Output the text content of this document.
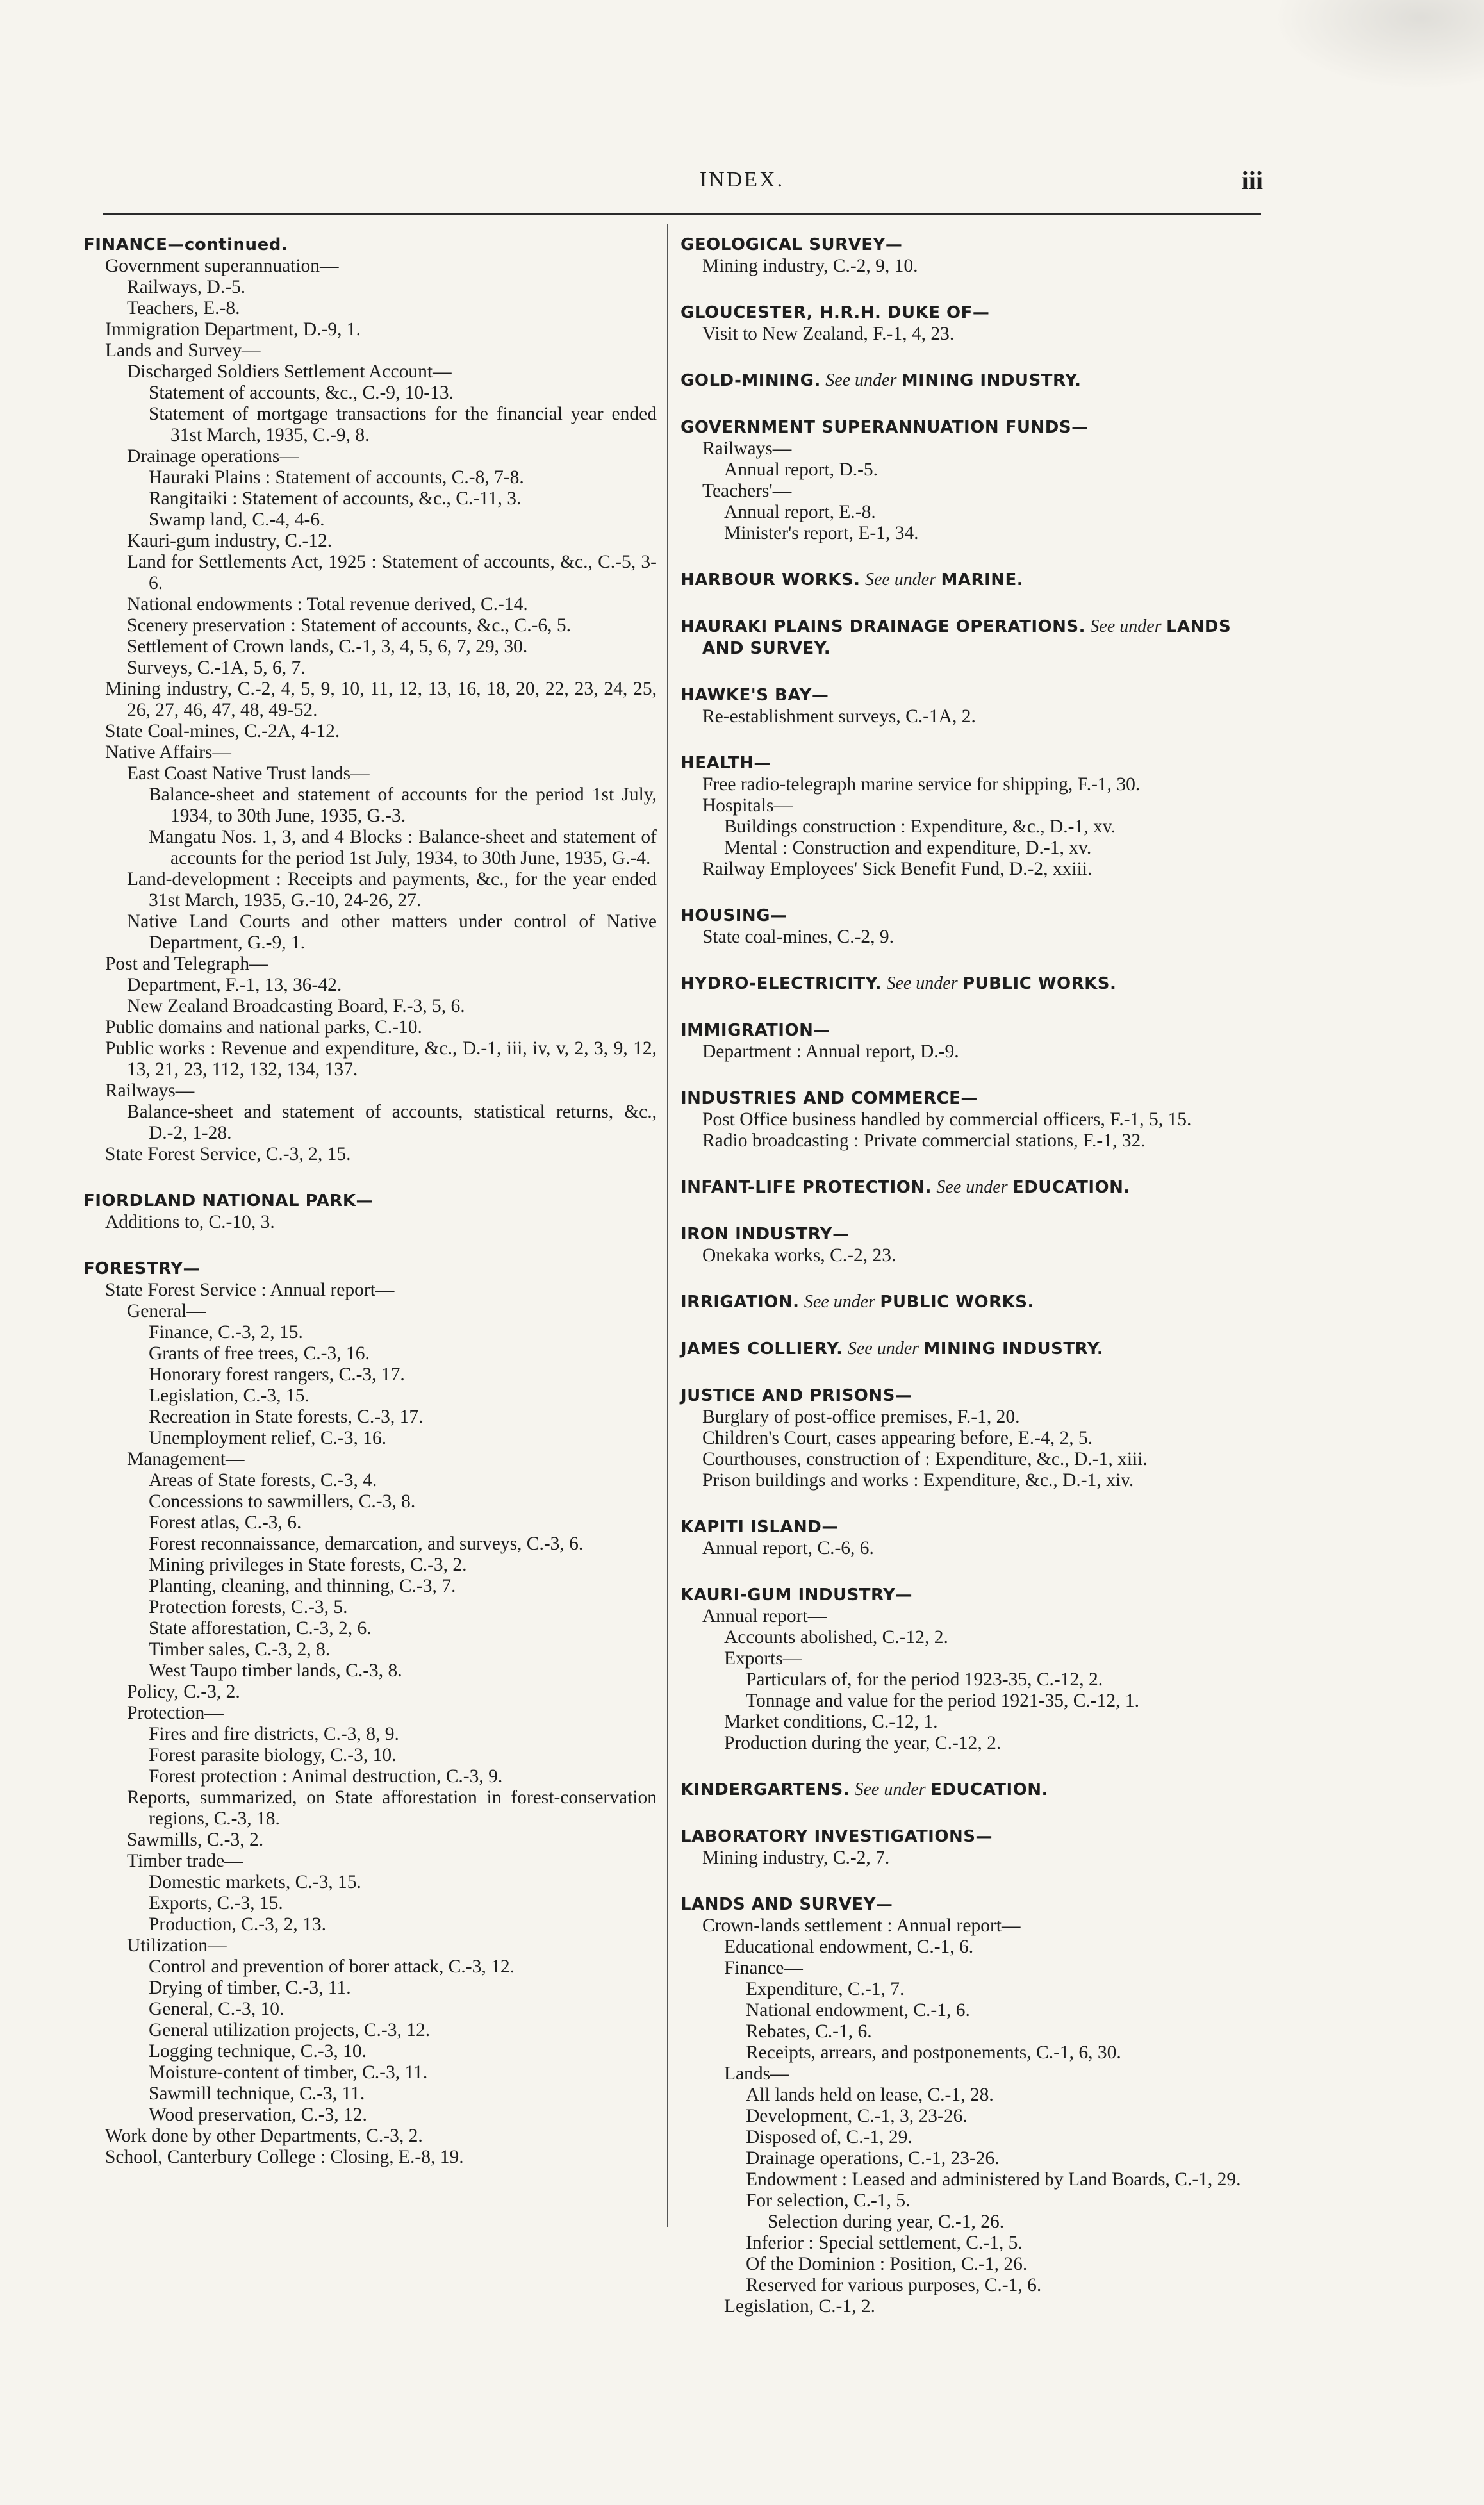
INDEX.	iii
FINANCE—continued.
Government superannuation—
Railways, D.-5.
Teachers, E.-8.
Immigration Department, D.-9, 1.
Lands and Survey—
Discharged Soldiers Settlement Account—
Statement of accounts, &c., C.-9, 10-13.
Statement of mortgage transactions for the financial year ended 31st March, 1935, C.-9, 8.
Drainage operations—
Hauraki Plains : Statement of accounts, C.-8, 7-8.
Rangitaiki : Statement of accounts, &c., C.-11, 3.
Swamp land, C.-4, 4-6.
Kauri-gum industry, C.-12.
Land for Settlements Act, 1925 : Statement of accounts, &c., C.-5, 3-6.
National endowments : Total revenue derived, C.-14.
Scenery preservation : Statement of accounts, &c., C.-6, 5.
Settlement of Crown lands, C.-1, 3, 4, 5, 6, 7, 29, 30.
Surveys, C.-1A, 5, 6, 7.
Mining industry, C.-2, 4, 5, 9, 10, 11, 12, 13, 16, 18, 20, 22, 23, 24, 25, 26, 27, 46, 47, 48, 49-52.
State Coal-mines, C.-2A, 4-12.
Native Affairs—
East Coast Native Trust lands—
Balance-sheet and statement of accounts for the period 1st July, 1934, to 30th June, 1935, G.-3.
Mangatu Nos. 1, 3, and 4 Blocks : Balance-sheet and statement of accounts for the period 1st July, 1934, to 30th June, 1935, G.-4.
Land-development : Receipts and payments, &c., for the year ended 31st March, 1935, G.-10, 24-26, 27.
Native Land Courts and other matters under control of Native Department, G.-9, 1.
Post and Telegraph—
Department, F.-1, 13, 36-42.
New Zealand Broadcasting Board, F.-3, 5, 6.
Public domains and national parks, C.-10.
Public works : Revenue and expenditure, &c., D.-1, iii, iv, v, 2, 3, 9, 12, 13, 21, 23, 112, 132, 134, 137.
Railways—
Balance-sheet and statement of accounts, statistical returns, &c., D.-2, 1-28.
State Forest Service, C.-3, 2, 15.
FIORDLAND NATIONAL PARK—
Additions to, C.-10, 3.
FORESTRY—
State Forest Service : Annual report—
General—
Finance, C.-3, 2, 15.
Grants of free trees, C.-3, 16.
Honorary forest rangers, C.-3, 17.
Legislation, C.-3, 15.
Recreation in State forests, C.-3, 17.
Unemployment relief, C.-3, 16.
Management—
Areas of State forests, C.-3, 4.
Concessions to sawmillers, C.-3, 8.
Forest atlas, C.-3, 6.
Forest reconnaissance, demarcation, and surveys, C.-3, 6.
Mining privileges in State forests, C.-3, 2.
Planting, cleaning, and thinning, C.-3, 7.
Protection forests, C.-3, 5.
State afforestation, C.-3, 2, 6.
Timber sales, C.-3, 2, 8.
West Taupo timber lands, C.-3, 8.
Policy, C.-3, 2.
Protection—
Fires and fire districts, C.-3, 8, 9.
Forest parasite biology, C.-3, 10.
Forest protection : Animal destruction, C.-3, 9.
Reports, summarized, on State afforestation in forest-conservation regions, C.-3, 18.
Sawmills, C.-3, 2.
Timber trade—
Domestic markets, C.-3, 15.
Exports, C.-3, 15.
Production, C.-3, 2, 13.
Utilization—
Control and prevention of borer attack, C.-3, 12.
Drying of timber, C.-3, 11.
General, C.-3, 10.
General utilization projects, C.-3, 12.
Logging technique, C.-3, 10.
Moisture-content of timber, C.-3, 11.
Sawmill technique, C.-3, 11.
Wood preservation, C.-3, 12.
Work done by other Departments, C.-3, 2.
School, Canterbury College : Closing, E.-8, 19.
GEOLOGICAL SURVEY—
Mining industry, C.-2, 9, 10.
GLOUCESTER, H.R.H. DUKE OF—
Visit to New Zealand, F.-1, 4, 23.
GOLD-MINING. See under MINING INDUSTRY.
GOVERNMENT SUPERANNUATION FUNDS—
Railways—
Annual report, D.-5.
Teachers'—
Annual report, E.-8.
Minister's report, E-1, 34.
HARBOUR WORKS. See under MARINE.
HAURAKI PLAINS DRAINAGE OPERATIONS. See under LANDS AND SURVEY.
HAWKE'S BAY—
Re-establishment surveys, C.-1A, 2.
HEALTH—
Free radio-telegraph marine service for shipping, F.-1, 30.
Hospitals—
Buildings construction : Expenditure, &c., D.-1, xv.
Mental : Construction and expenditure, D.-1, xv.
Railway Employees' Sick Benefit Fund, D.-2, xxiii.
HOUSING—
State coal-mines, C.-2, 9.
HYDRO-ELECTRICITY. See under PUBLIC WORKS.
IMMIGRATION—
Department : Annual report, D.-9.
INDUSTRIES AND COMMERCE—
Post Office business handled by commercial officers, F.-1, 5, 15.
Radio broadcasting : Private commercial stations, F.-1, 32.
INFANT-LIFE PROTECTION. See under EDUCATION.
IRON INDUSTRY—
Onekaka works, C.-2, 23.
IRRIGATION. See under PUBLIC WORKS.
JAMES COLLIERY. See under MINING INDUSTRY.
JUSTICE AND PRISONS—
Burglary of post-office premises, F.-1, 20.
Children's Court, cases appearing before, E.-4, 2, 5.
Courthouses, construction of : Expenditure, &c., D.-1, xiii.
Prison buildings and works : Expenditure, &c., D.-1, xiv.
KAPITI ISLAND—
Annual report, C.-6, 6.
KAURI-GUM INDUSTRY—
Annual report—
Accounts abolished, C.-12, 2.
Exports—
Particulars of, for the period 1923-35, C.-12, 2.
Tonnage and value for the period 1921-35, C.-12, 1.
Market conditions, C.-12, 1.
Production during the year, C.-12, 2.
KINDERGARTENS. See under EDUCATION.
LABORATORY INVESTIGATIONS—
Mining industry, C.-2, 7.
LANDS AND SURVEY—
Crown-lands settlement : Annual report—
Educational endowment, C.-1, 6.
Finance—
Expenditure, C.-1, 7.
National endowment, C.-1, 6.
Rebates, C.-1, 6.
Receipts, arrears, and postponements, C.-1, 6, 30.
Lands—
All lands held on lease, C.-1, 28.
Development, C.-1, 3, 23-26.
Disposed of, C.-1, 29.
Drainage operations, C.-1, 23-26.
Endowment : Leased and administered by Land Boards, C.-1, 29.
For selection, C.-1, 5.
Selection during year, C.-1, 26.
Inferior : Special settlement, C.-1, 5.
Of the Dominion : Position, C.-1, 26.
Reserved for various purposes, C.-1, 6.
Legislation, C.-1, 2.
